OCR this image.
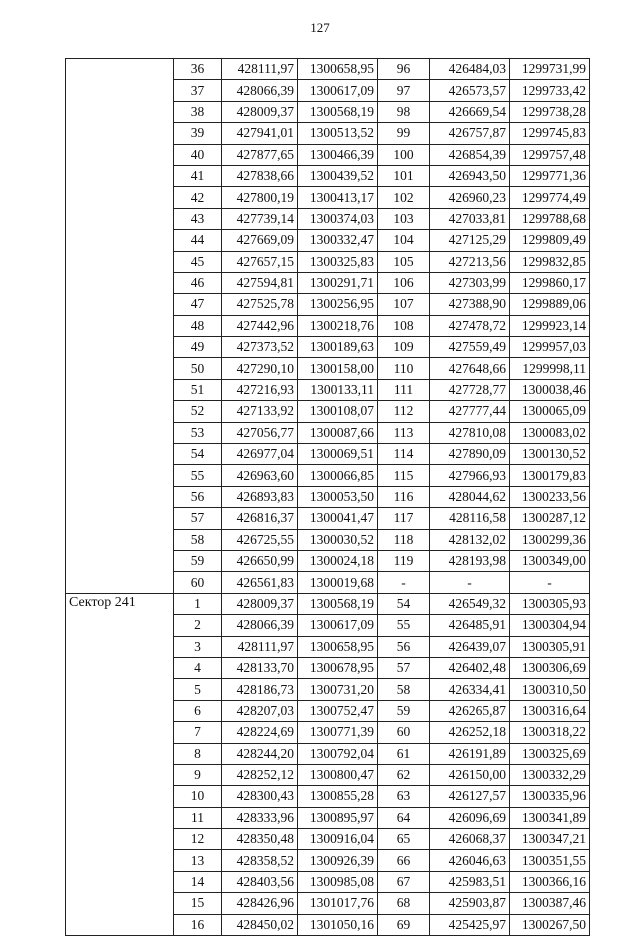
127
	36	428111,97	1300658,95	96	426484,03	1299731,99
	37	428066,39	1300617,09	97	426573,57	1299733,42
	38	428009,37	1300568,19	98	426669,54	1299738,28
	39	427941,01	1300513,52	99	426757,87	1299745,83
	40	427877,65	1300466,39	100	426854,39	1299757,48
	41	427838,66	1300439,52	101	426943,50	1299771,36
	42	427800,19	1300413,17	102	426960,23	1299774,49
	43	427739,14	1300374,03	103	427033,81	1299788,68
	44	427669,09	1300332,47	104	427125,29	1299809,49
	45	427657,15	1300325,83	105	427213,56	1299832,85
	46	427594,81	1300291,71	106	427303,99	1299860,17
	47	427525,78	1300256,95	107	427388,90	1299889,06
	48	427442,96	1300218,76	108	427478,72	1299923,14
	49	427373,52	1300189,63	109	427559,49	1299957,03
	50	427290,10	1300158,00	110	427648,66	1299998,11
	51	427216,93	1300133,11	111	427728,77	1300038,46
	52	427133,92	1300108,07	112	427777,44	1300065,09
	53	427056,77	1300087,66	113	427810,08	1300083,02
	54	426977,04	1300069,51	114	427890,09	1300130,52
	55	426963,60	1300066,85	115	427966,93	1300179,83
	56	426893,83	1300053,50	116	428044,62	1300233,56
	57	426816,37	1300041,47	117	428116,58	1300287,12
	58	426725,55	1300030,52	118	428132,02	1300299,36
	59	426650,99	1300024,18	119	428193,98	1300349,00
	60	426561,83	1300019,68	-	-	-
Сектор 241	1	428009,37	1300568,19	54	426549,32	1300305,93
	2	428066,39	1300617,09	55	426485,91	1300304,94
	3	428111,97	1300658,95	56	426439,07	1300305,91
	4	428133,70	1300678,95	57	426402,48	1300306,69
	5	428186,73	1300731,20	58	426334,41	1300310,50
	6	428207,03	1300752,47	59	426265,87	1300316,64
	7	428224,69	1300771,39	60	426252,18	1300318,22
	8	428244,20	1300792,04	61	426191,89	1300325,69
	9	428252,12	1300800,47	62	426150,00	1300332,29
	10	428300,43	1300855,28	63	426127,57	1300335,96
	11	428333,96	1300895,97	64	426096,69	1300341,89
	12	428350,48	1300916,04	65	426068,37	1300347,21
	13	428358,52	1300926,39	66	426046,63	1300351,55
	14	428403,56	1300985,08	67	425983,51	1300366,16
	15	428426,96	1301017,76	68	425903,87	1300387,46
	16	428450,02	1301050,16	69	425425,97	1300267,50
